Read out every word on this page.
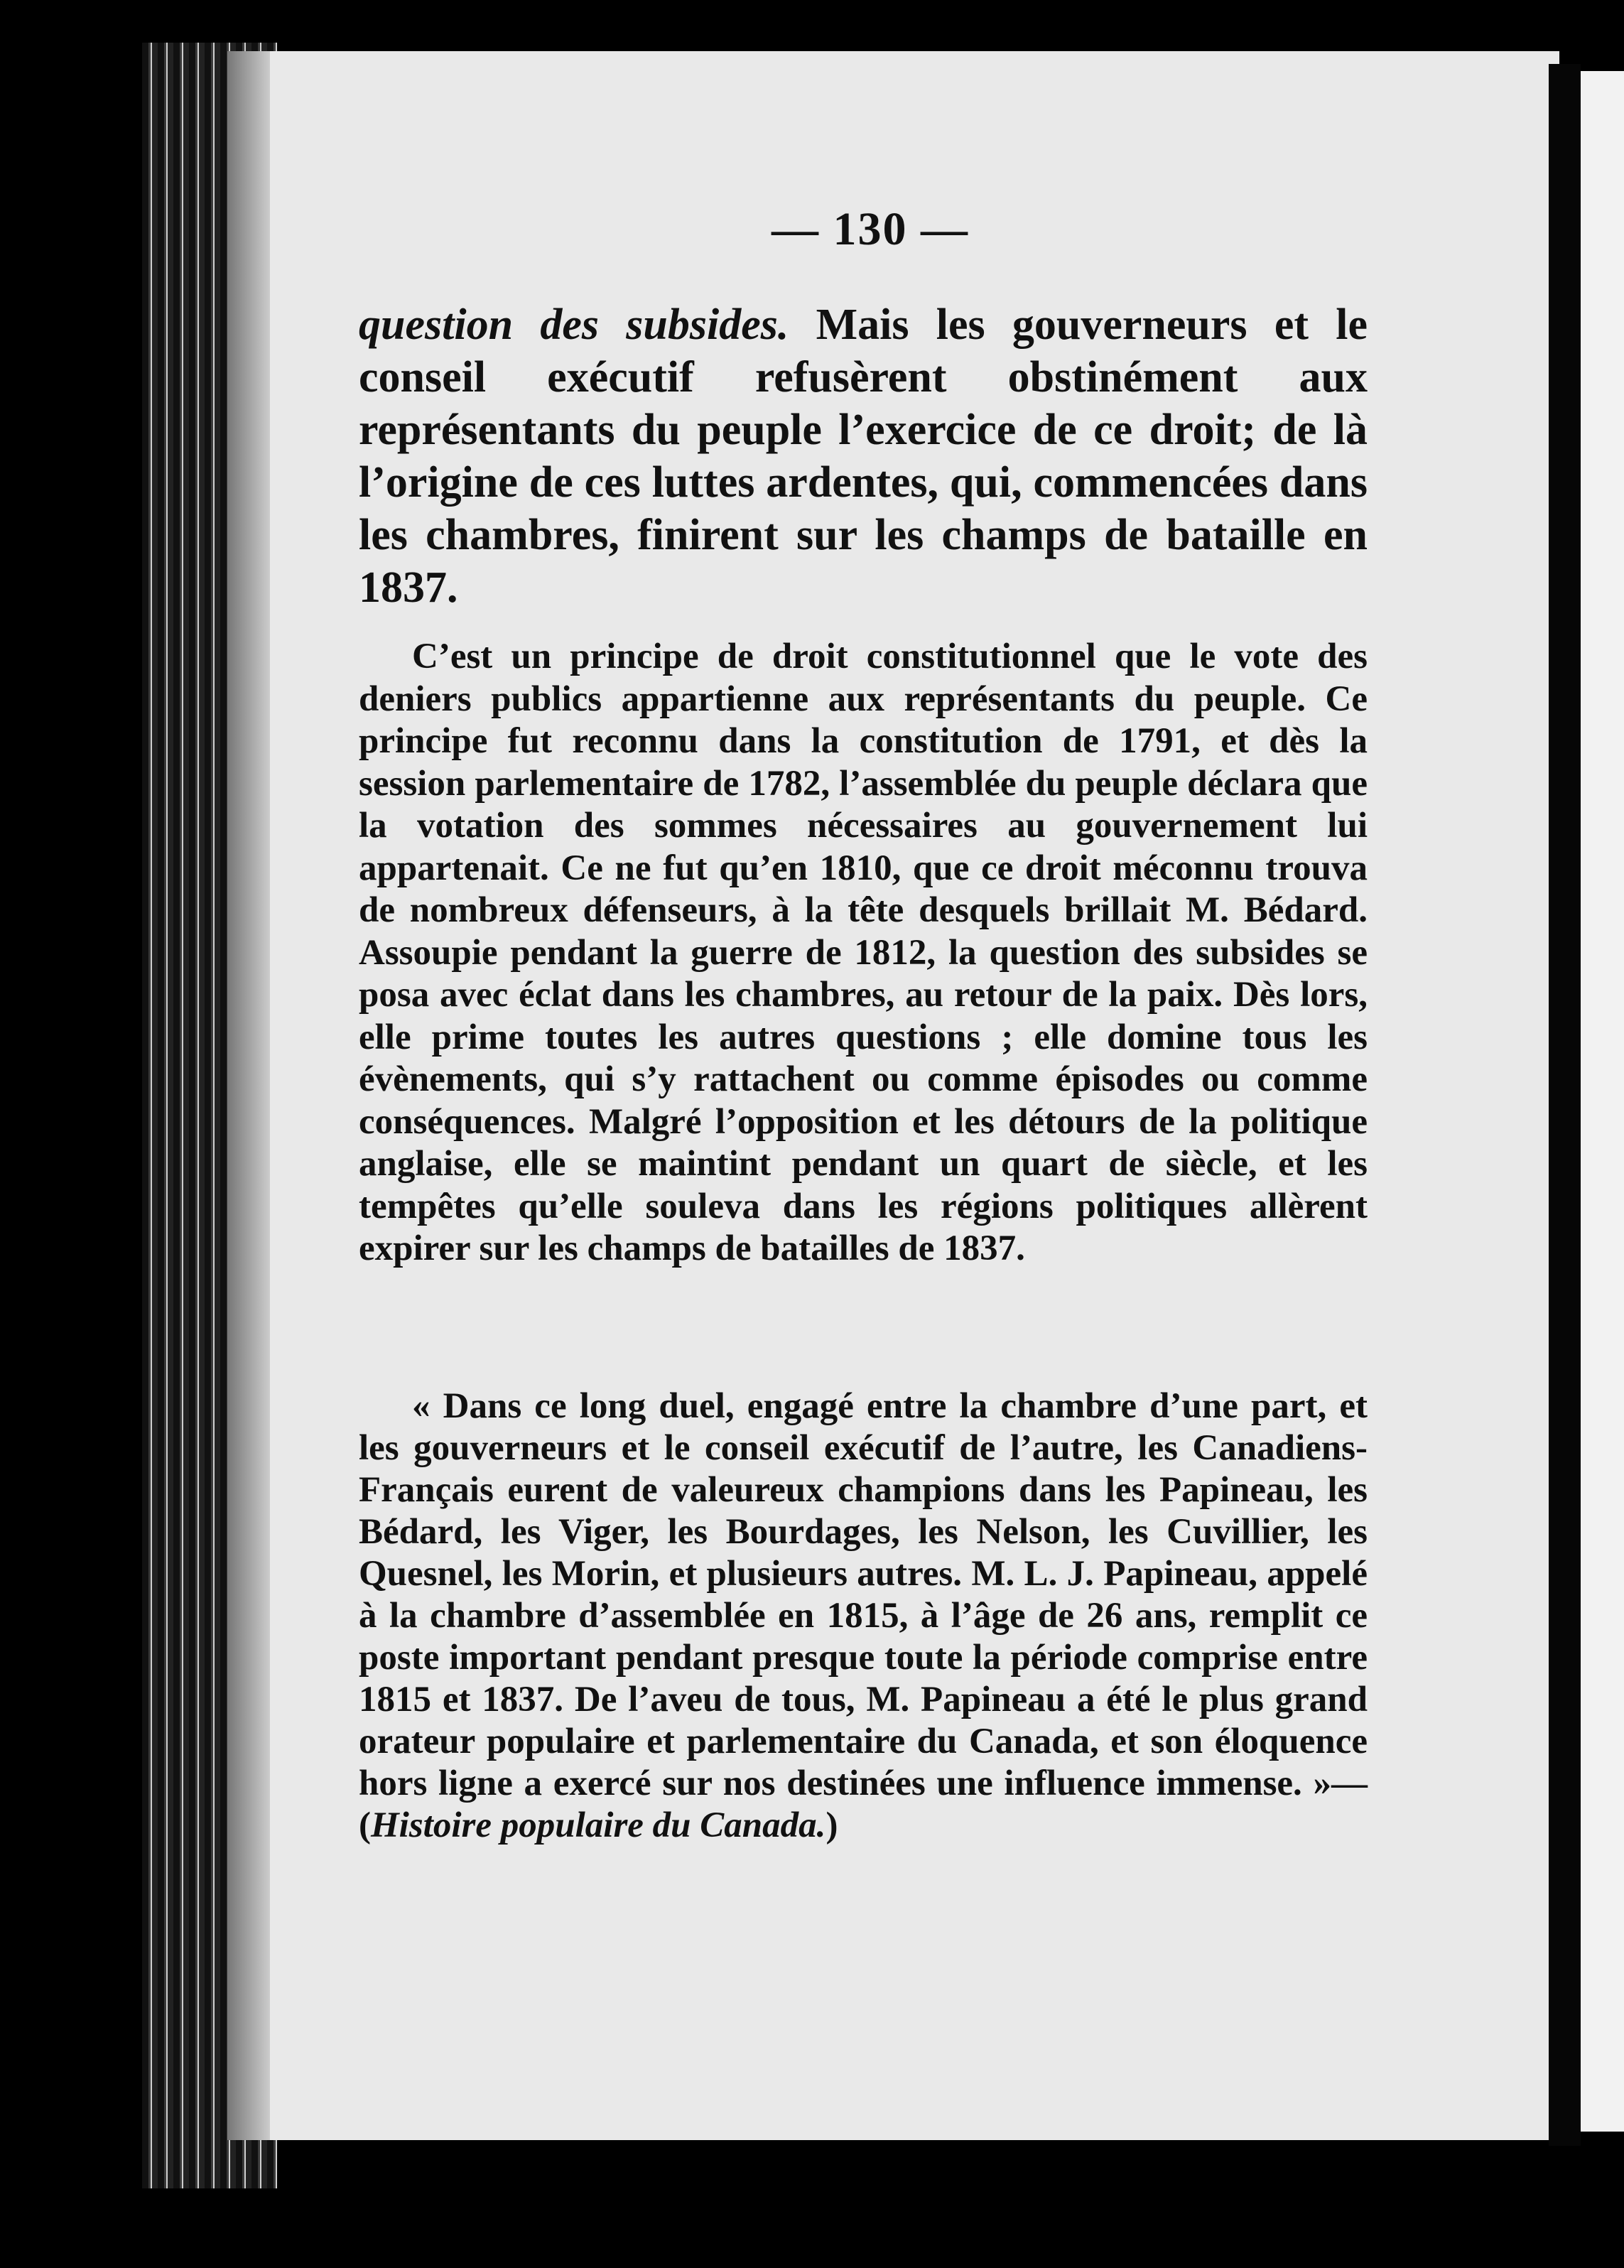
— 130 —

question des subsides. Mais les gouverneurs et le conseil exécutif refusèrent obstinément aux représentants du peuple l’exercice de ce droit; de là l’origine de ces luttes ardentes, qui, commencées dans les chambres, finirent sur les champs de bataille en 1837.

C’est un principe de droit constitutionnel que le vote des deniers publics appartienne aux représentants du peuple. Ce principe fut reconnu dans la constitution de 1791, et dès la session parlementaire de 1782, l’assemblée du peuple déclara que la votation des sommes nécessaires au gouvernement lui appartenait. Ce ne fut qu’en 1810, que ce droit méconnu trouva de nombreux défenseurs, à la tête desquels brillait M. Bédard. Assoupie pendant la guerre de 1812, la question des subsides se posa avec éclat dans les chambres, au retour de la paix. Dès lors, elle prime toutes les autres questions ; elle domine tous les évènements, qui s’y rattachent ou comme épisodes ou comme conséquences. Malgré l’opposition et les détours de la politique anglaise, elle se maintint pendant un quart de siècle, et les tempêtes qu’elle souleva dans les régions politiques allèrent expirer sur les champs de batailles de 1837.

« Dans ce long duel, engagé entre la chambre d’une part, et les gouverneurs et le conseil exécutif de l’autre, les Canadiens-Français eurent de valeureux champions dans les Papineau, les Bédard, les Viger, les Bourdages, les Nelson, les Cuvillier, les Quesnel, les Morin, et plusieurs autres. M. L. J. Papineau, appelé à la chambre d’assemblée en 1815, à l’âge de 26 ans, remplit ce poste important pendant presque toute la période comprise entre 1815 et 1837. De l’aveu de tous, M. Papineau a été le plus grand orateur populaire et parlementaire du Canada, et son éloquence hors ligne a exercé sur nos destinées une influence immense. »—(Histoire populaire du Canada.)
